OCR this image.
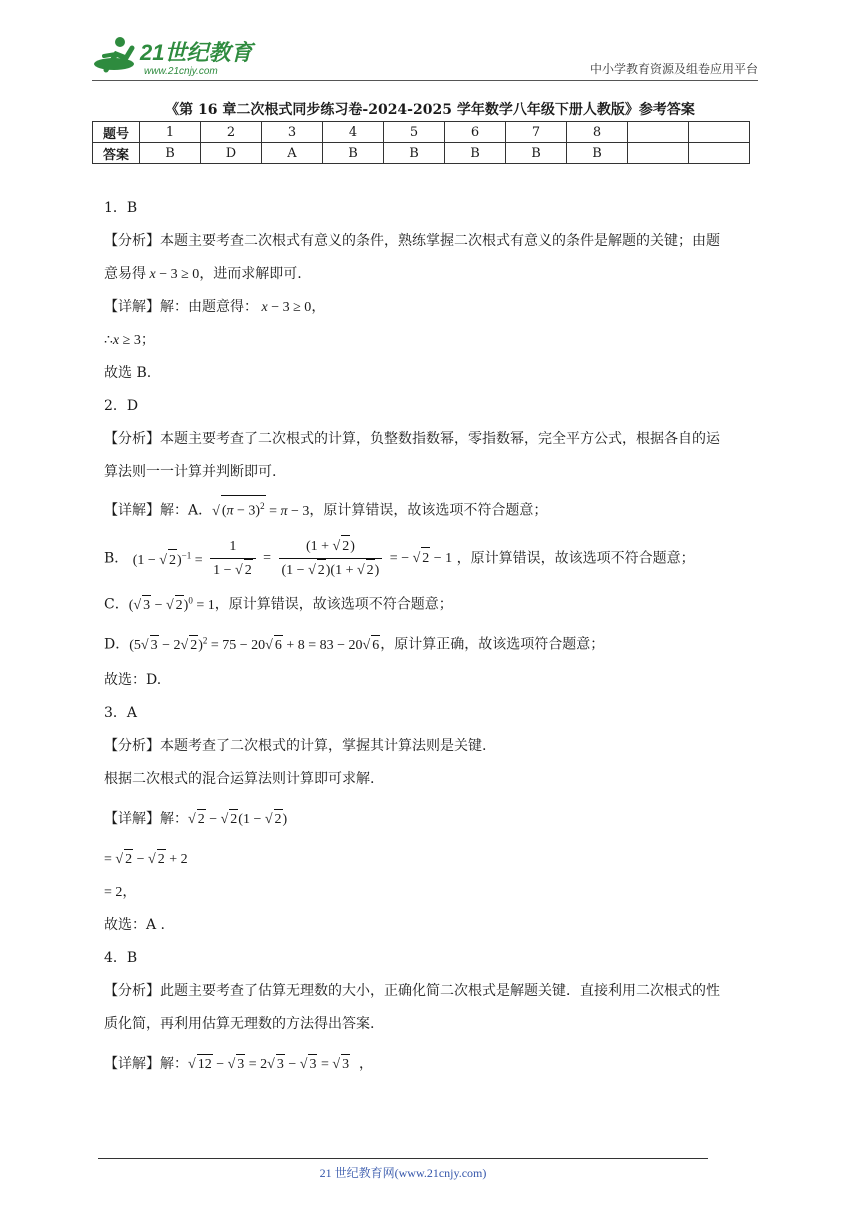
21世纪教育
www.21cnjy.com	中小学教育资源及组卷应用平台
《第 16 章二次根式同步练习卷-2024-2025 学年数学八年级下册人教版》参考答案
题号	1	2	3	4	5	6	7	8		
答案	B	D	A	B	B	B	B	B		
1．B
【分析】本题主要考查二次根式有意义的条件，熟练掌握二次根式有意义的条件是解题的关键；由题
意易得 x − 3 ≥ 0，进而求解即可.
【详解】解：由题意得： x − 3 ≥ 0，
∴x ≥ 3；
故选 B.
2．D
【分析】本题主要考查了二次根式的计算，负整数指数幂，零指数幂，完全平方公式，根据各自的运
算法则一一计算并判断即可.
【详解】解：A．√ $(\pi - 3)^2 = \pi - 3$，原计算错误，故该选项不符合题意；
B． (1 − √ $2)^{-1} = \frac{1}{1 - √ 2} = \frac{(1 + √ 2)}{(1 - √ 2)(1 + √ 2)}$ = − √ 2 − 1 ，原计算错误，故该选项不符合题意；
C．(√ 3 − √ 2)$^0$ = 1，原计算错误，故该选项不符合题意；
D．(5√ 3 − 2√ 2)$^2$ = 75 − 20√ 6 + 8 = 83 − 20√ 6，原计算正确，故该选项符合题意；
故选：D.
3．A
【分析】本题考查了二次根式的计算，掌握其计算法则是关键.
根据二次根式的混合运算法则计算即可求解.
【详解】解：√ 2 − √ 2(1 − √ 2)
= √ 2 − √ 2 + 2
= 2，
故选：A .
4．B
【分析】此题主要考查了估算无理数的大小，正确化简二次根式是解题关键．直接利用二次根式的性
质化简，再利用估算无理数的方法得出答案.
【详解】解：√ 12 − √ 3 = 2√ 3 − √ 3 = √ 3 ，
21 世纪教育网(www.21cnjy.com)
